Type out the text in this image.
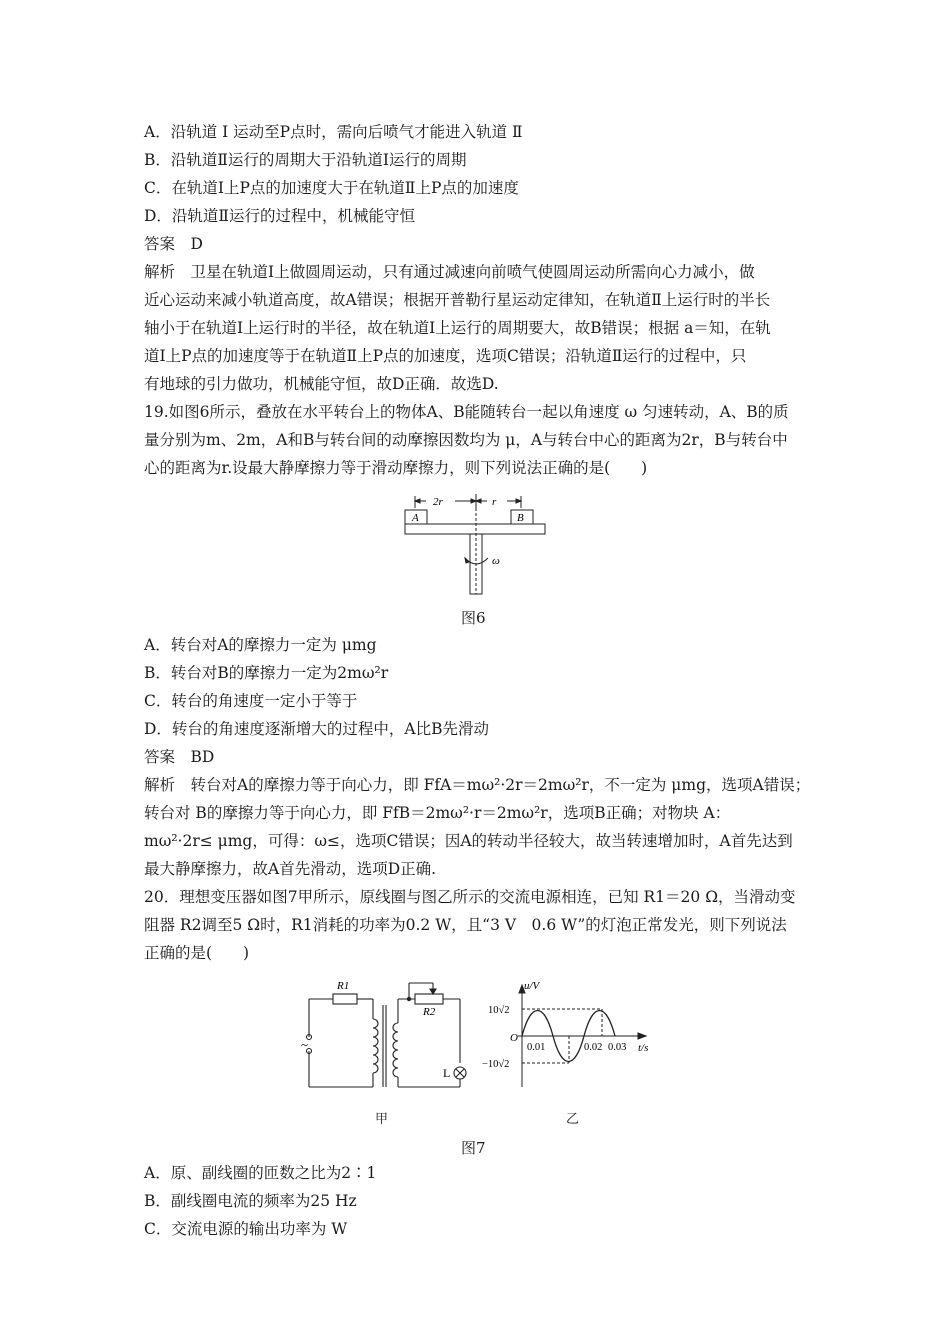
A．沿轨道 Ⅰ 运动至P点时，需向后喷气才能进入轨道 Ⅱ
B．沿轨道Ⅱ运行的周期大于沿轨道Ⅰ运行的周期
C．在轨道Ⅰ上P点的加速度大于在轨道Ⅱ上P点的加速度
D．沿轨道Ⅱ运行的过程中，机械能守恒
答案　D
解析　卫星在轨道Ⅰ上做圆周运动，只有通过减速向前喷气使圆周运动所需向心力减小，做
近心运动来减小轨道高度，故A错误；根据开普勒行星运动定律知，在轨道Ⅱ上运行时的半长
轴小于在轨道Ⅰ上运行时的半径，故在轨道Ⅰ上运行的周期要大，故B错误；根据 a＝知，在轨
道Ⅰ上P点的加速度等于在轨道Ⅱ上P点的加速度，选项C错误；沿轨道Ⅱ运行的过程中，只
有地球的引力做功，机械能守恒，故D正确．故选D.
19.如图6所示，叠放在水平转台上的物体A、B能随转台一起以角速度 ω 匀速转动，A、B的质
量分别为m、2m，A和B与转台间的动摩擦因数均为 μ，A与转台中心的距离为2r，B与转台中
心的距离为r.设最大静摩擦力等于滑动摩擦力，则下列说法正确的是(　　)
2r	r
A	B
ω
图6
A．转台对A的摩擦力一定为 μmg
B．转台对B的摩擦力一定为2mω²r
C．转台的角速度一定小于等于
D．转台的角速度逐渐增大的过程中，A比B先滑动
答案　BD
解析　转台对A的摩擦力等于向心力，即 FfA＝mω²·2r＝2mω²r，不一定为 μmg，选项A错误；
转台对 B的摩擦力等于向心力，即 FfB＝2mω²·r＝2mω²r，选项B正确；对物块 A：
mω²·2r≤ μmg，可得：ω≤，选项C错误；因A的转动半径较大，故当转速增加时，A首先达到
最大静摩擦力，故A首先滑动，选项D正确.
20．理想变压器如图7甲所示，原线圈与图乙所示的交流电源相连，已知 R1＝20 Ω，当滑动变
阻器 R2调至5 Ω时，R1消耗的功率为0.2 W，且“3 V　0.6 W”的灯泡正常发光，则下列说法
正确的是(　　)
R1
R2
L
~
甲
u/V
t/s
O
10√2
−10√2
0.01	0.02 0.03
乙
图7
A．原、副线圈的匝数之比为2∶1
B．副线圈电流的频率为25 Hz
C．交流电源的输出功率为 W
